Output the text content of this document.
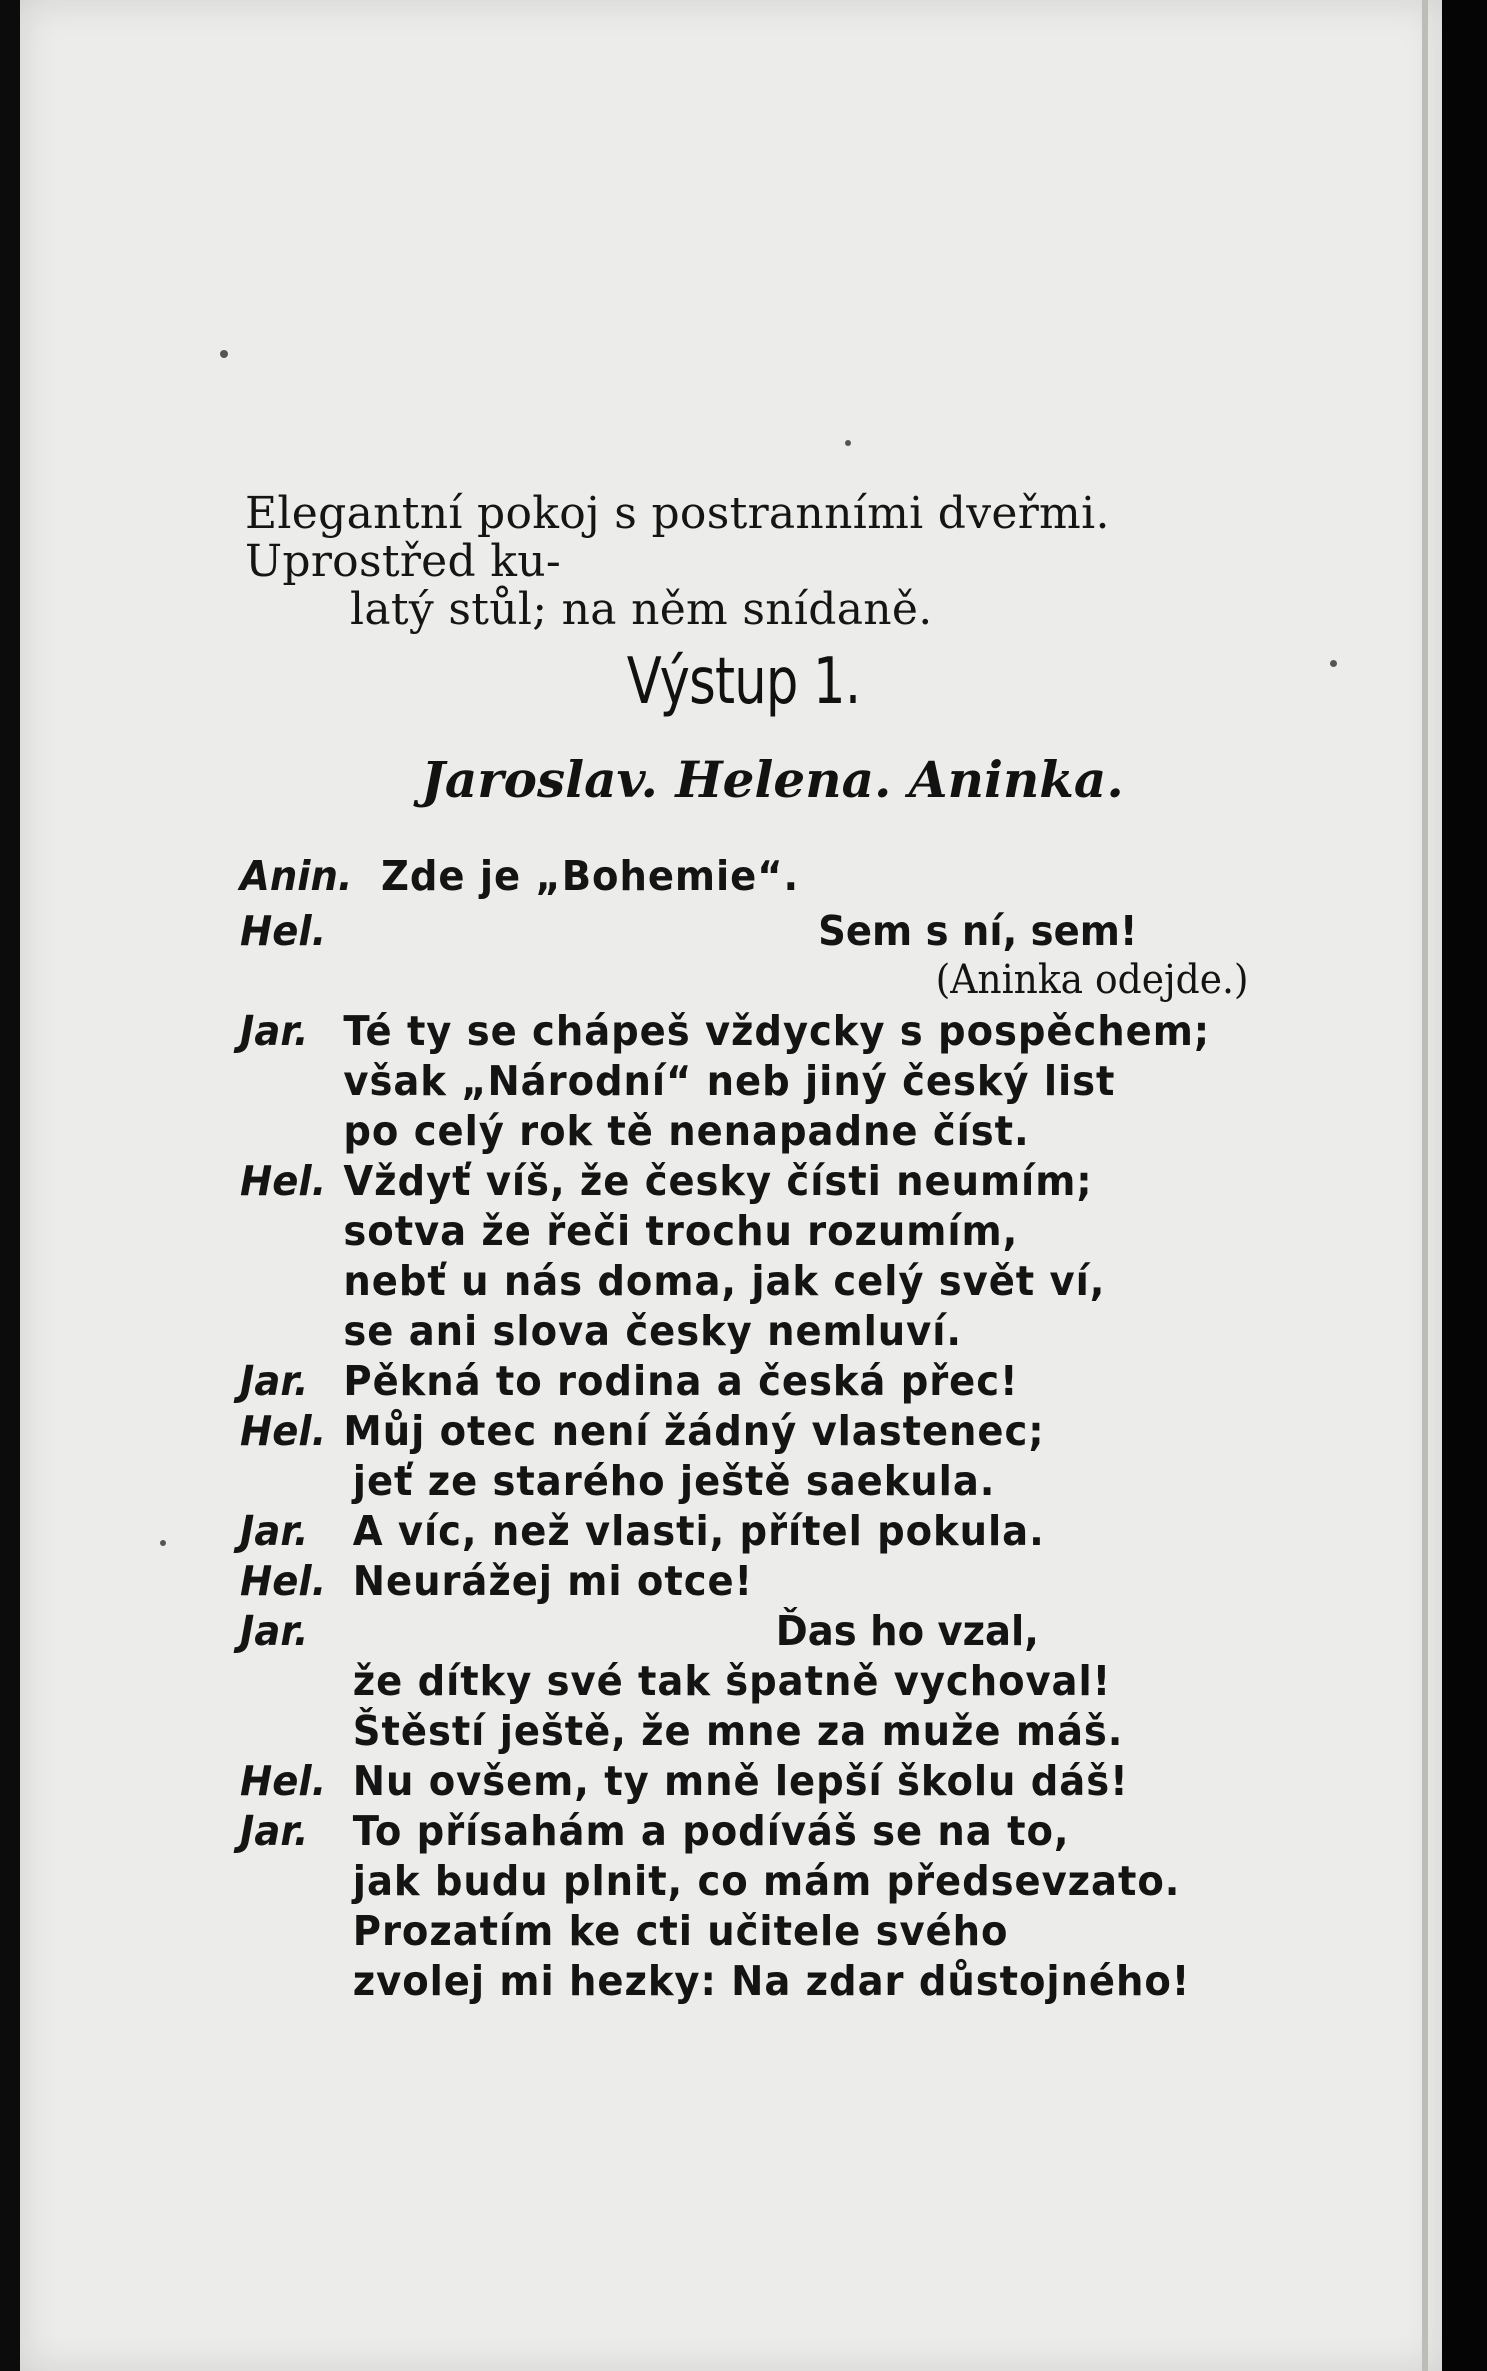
Elegantní pokoj s postranními dveřmi. Uprostřed ku-

latý stůl; na něm snídaně.

Výstup 1.
Jaroslav. Helena. Aninka.
Anin. Zde je „Bohemie“.
Hel.	Sem s ní, sem!
(Aninka odejde.)
Jar. Té ty se chápeš vždycky s pospěchem;
však „Národní“ neb jiný český list
po celý rok tě nenapadne číst.
Hel. Vždyť víš, že česky čísti neumím;
sotva že řeči trochu rozumím,
nebť u nás doma, jak celý svět ví,
se ani slova česky nemluví.
Jar. Pěkná to rodina a česká přec!
Hel. Můj otec není žádný vlastenec;
jeť ze starého ještě saekula.
Jar. A víc, než vlasti, přítel pokula.
Hel. Neurážej mi otce!
Jar.	Ďas ho vzal,
že dítky své tak špatně vychoval!
Štěstí ještě, že mne za muže máš.
Hel. Nu ovšem, ty mně lepší školu dáš!
Jar. To přísahám a podíváš se na to,
jak budu plnit, co mám předsevzato.
Prozatím ke cti učitele svého
zvolej mi hezky: Na zdar důstojného!
